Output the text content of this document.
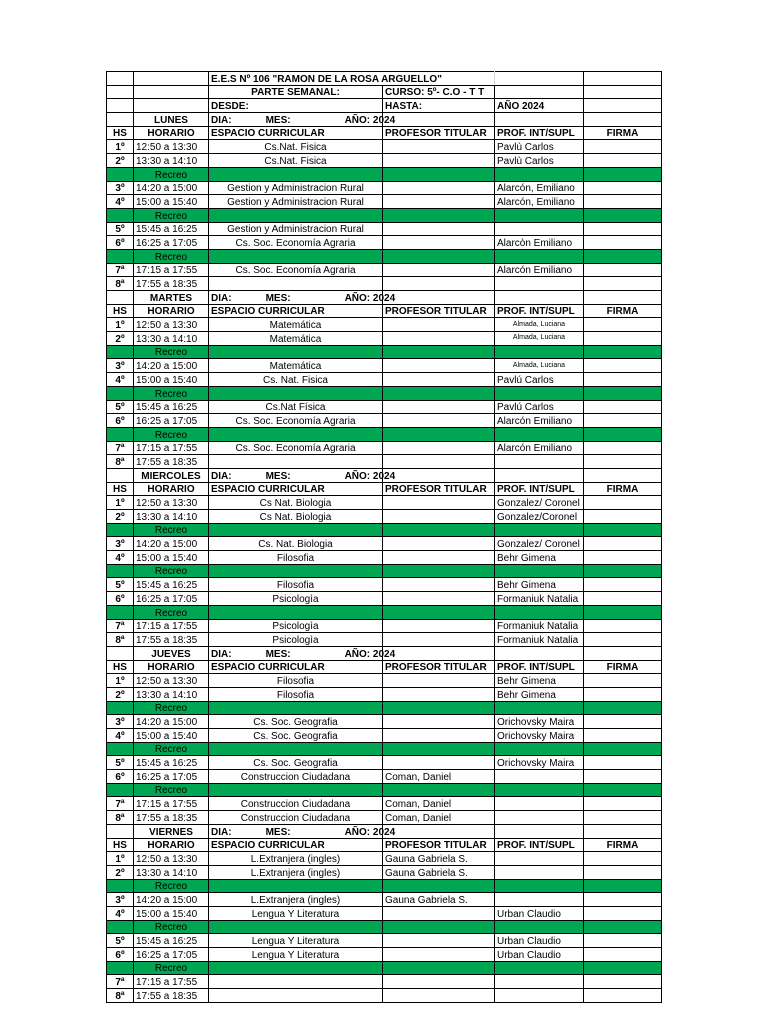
		E.E.S Nº 106 "RAMON DE LA ROSA ARGUELLO"			
		PARTE SEMANAL:	CURSO: 5º- C.O - T T		
		DESDE:	HASTA:	AÑO 2024	
	LUNES	DIA: MES: AÑO: 2024			
HS	HORARIO	ESPACIO CURRICULAR	PROFESOR TITULAR	PROF. INT/SUPL	FIRMA
1º	12:50 a 13:30	Cs.Nat. Fisica		Pavlù Carlos	
2º	13:30 a 14:10	Cs.Nat. Fisica		Pavlù Carlos	
	Recreo				
3º	14:20 a 15:00	Gestion y Administracion Rural		Alarcón, Emiliano	
4º	15:00 a 15:40	Gestion y Administracion Rural		Alarcón, Emiliano	
	Recreo				
5º	15:45 a 16:25	Gestion y Administracion Rural			
6º	16:25 a 17:05	Cs. Soc. Economía Agraria		Alarcòn Emiliano	
	Recreo				
7ª	17:15 a 17:55	Cs. Soc. Economía Agraria		Alarcón Emiliano	
8ª	17:55 a 18:35				
	MARTES	DIA: MES: AÑO: 2024			
HS	HORARIO	ESPACIO CURRICULAR	PROFESOR TITULAR	PROF. INT/SUPL	FIRMA
1º	12:50 a 13:30	Matemática		Almada, Luciana	
2º	13:30 a 14:10	Matemática		Almada, Luciana	
	Recreo				
3º	14:20 a 15:00	Matemática		Almada, Luciana	
4º	15:00 a 15:40	Cs. Nat. Fisica		Pavlú Carlos	
	Recreo				
5º	15:45 a 16:25	Cs.Nat Física		Pavlú Carlos	
6º	16:25 a 17:05	Cs. Soc. Economía Agraria		Alarcón Emiliano	
	Recreo				
7ª	17:15 a 17:55	Cs. Soc. Economía Agraria		Alarcón Emiliano	
8ª	17:55 a 18:35				
	MIERCOLES	DIA: MES: AÑO: 2024			
HS	HORARIO	ESPACIO CURRICULAR	PROFESOR TITULAR	PROF. INT/SUPL	FIRMA
1º	12:50 a 13:30	Cs Nat. Biologia		Gonzalez/ Coronel	
2º	13:30 a 14:10	Cs Nat. Biologia		Gonzalez/Coronel	
	Recreo				
3º	14:20 a 15:00	Cs. Nat. Biologia		Gonzalez/ Coronel	
4º	15:00 a 15:40	Filosofia		Behr Gimena	
	Recreo				
5º	15:45 a 16:25	Filosofia		Behr Gimena	
6º	16:25 a 17:05	Psicologìa		Formaniuk Natalia	
	Recreo				
7ª	17:15 a 17:55	Psicologìa		Formaniuk Natalia	
8ª	17:55 a 18:35	Psicologìa		Formaniuk Natalia	
	JUEVES	DIA: MES: AÑO: 2024			
HS	HORARIO	ESPACIO CURRICULAR	PROFESOR TITULAR	PROF. INT/SUPL	FIRMA
1º	12:50 a 13:30	Filosofia		Behr Gimena	
2º	13:30 a 14:10	Filosofia		Behr Gimena	
	Recreo				
3º	14:20 a 15:00	Cs. Soc. Geografia		Orichovsky Maira	
4º	15:00 a 15:40	Cs. Soc. Geografia		Orichovsky Maira	
	Recreo				
5º	15:45 a 16:25	Cs. Soc. Geografia		Orichovsky Maira	
6º	16:25 a 17:05	Construccion Ciudadana	Coman, Daniel		
	Recreo				
7ª	17:15 a 17:55	Construccion Ciudadana	Coman, Daniel		
8ª	17:55 a 18:35	Construccion Ciudadana	Coman, Daniel		
	VIERNES	DIA: MES: AÑO: 2024			
HS	HORARIO	ESPACIO CURRICULAR	PROFESOR TITULAR	PROF. INT/SUPL	FIRMA
1º	12:50 a 13:30	L.Extranjera (ingles)	Gauna Gabriela S.		
2º	13:30 a 14:10	L.Extranjera (ingles)	Gauna Gabriela S.		
	Recreo				
3º	14:20 a 15:00	L.Extranjera (ingles)	Gauna Gabriela S.		
4º	15:00 a 15:40	Lengua Y Literatura		Urban Claudio	
	Recreo				
5º	15:45 a 16:25	Lengua Y Literatura		Urban Claudio	
6º	16:25 a 17:05	Lengua Y Literatura		Urban Claudio	
	Recreo				
7ª	17:15 a 17:55				
8ª	17:55 a 18:35				
